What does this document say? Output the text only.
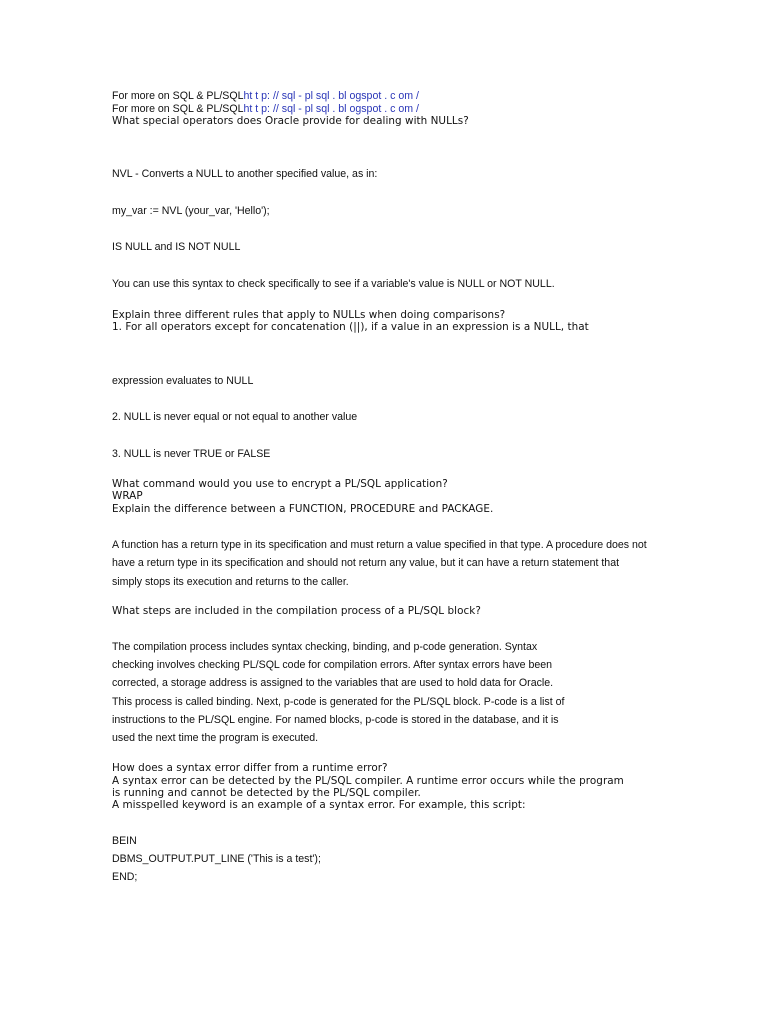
For more on SQL & PL/SQLht t p: // sql - pl sql . bl ogspot . c om /
For more on SQL & PL/SQLht t p: // sql - pl sql . bl ogspot . c om /
What special operators does Oracle provide for dealing with NULLs?
NVL - Converts a NULL to another specified value, as in:
my_var := NVL (your_var, 'Hello');
IS NULL and IS NOT NULL
You can use this syntax to check specifically to see if a variable's value is NULL or NOT NULL.
Explain three different rules that apply to NULLs when doing comparisons?
1. For all operators except for concatenation (||), if a value in an expression is a NULL, that
expression evaluates to NULL
2. NULL is never equal or not equal to another value
3. NULL is never TRUE or FALSE
What command would you use to encrypt a PL/SQL application?
WRAP
Explain the difference between a FUNCTION, PROCEDURE and PACKAGE.
A function has a return type in its specification and must return a value specified in that type. A procedure does not
have a return type in its specification and should not return any value, but it can have a return statement that
simply stops its execution and returns to the caller.
What steps are included in the compilation process of a PL/SQL block?
The compilation process includes syntax checking, binding, and p-code generation. Syntax
checking involves checking PL/SQL code for compilation errors. After syntax errors have been
corrected, a storage address is assigned to the variables that are used to hold data for Oracle.
This process is called binding. Next, p-code is generated for the PL/SQL block. P-code is a list of
instructions to the PL/SQL engine. For named blocks, p-code is stored in the database, and it is
used the next time the program is executed.
How does a syntax error differ from a runtime error?
A syntax error can be detected by the PL/SQL compiler. A runtime error occurs while the program
is running and cannot be detected by the PL/SQL compiler.
A misspelled keyword is an example of a syntax error. For example, this script:
BEIN
DBMS_OUTPUT.PUT_LINE ('This is a test');
END;
